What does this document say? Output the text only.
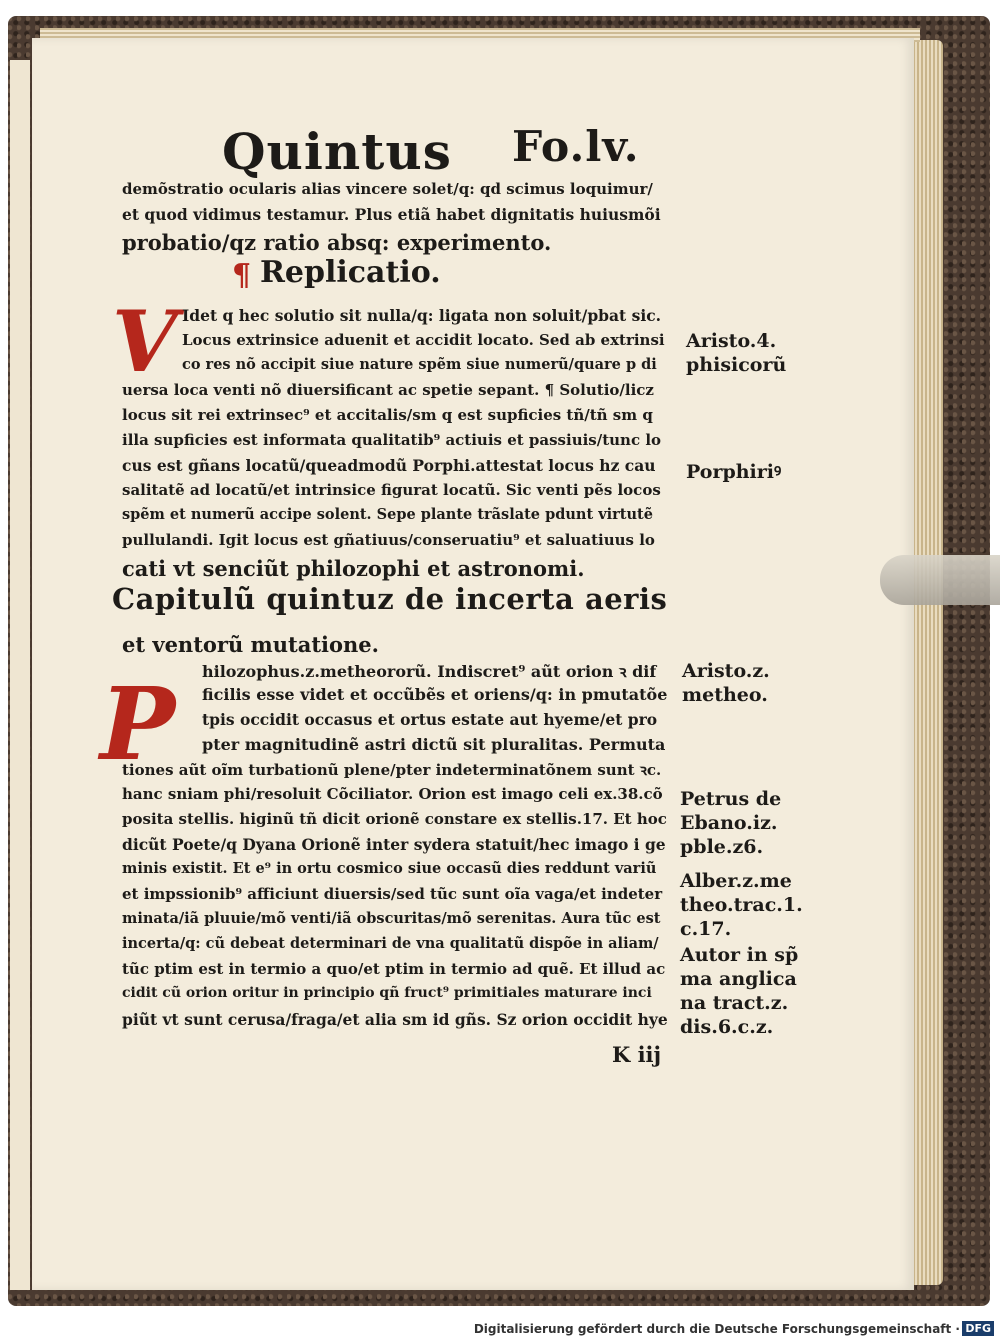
Quintus Fo.lv.
demõstratio ocularis alias vincere solet/q: qd scimus loquimur/
et quod vidimus testamur. Plus etiã habet dignitatis huiusmõi
probatio/qz ratio absq: experimento.
¶ Replicatio.
V Idet q hec solutio sit nulla/q: ligata non soluit/pbat sic.
Locus extrinsice aduenit et accidit locato. Sed ab extrinsi
co res nõ accipit siue nature spẽm siue numerũ/quare p di
uersa loca venti nõ diuersificant ac spetie sepant. ¶ Solutio/licz
locus sit rei extrinsec⁹ et accitalis/sm q est supficies tñ/tñ sm q
illa supficies est informata qualitatib⁹ actiuis et passiuis/tunc lo
cus est gñans locatũ/queadmodũ Porphi.attestat locus hz cau
salitatẽ ad locatũ/et intrinsice figurat locatũ. Sic venti pẽs locos
spẽm et numerũ accipe solent. Sepe plante trãslate pdunt virtutẽ
pullulandi. Igit locus est gñatiuus/conseruatiu⁹ et saluatiuus lo
cati vt senciũt philozophi et astronomi.
Capitulũ quintuz de incerta aeris
et ventorũ mutatione.
P hilozophus.z.metheororũ. Indiscret⁹ aũt orion ꝛ dif
ficilis esse videt et occũbẽs et oriens/q: in pmutatõe
tpis occidit occasus et ortus estate aut hyeme/et pro
pter magnitudinẽ astri dictũ sit pluralitas. Permuta
tiones aũt oĩm turbationũ plene/pter indeterminatõnem sunt ꝛc.
hanc sniam phi/resoluit Cõciliator. Orion est imago celi ex.38.cõ
posita stellis. higinũ tñ dicit orionẽ constare ex stellis.17. Et hoc
dicũt Poete/q Dyana Orionẽ inter sydera statuit/hec imago i ge
minis existit. Et e⁹ in ortu cosmico siue occasũ dies reddunt variũ
et impssionib⁹ afficiunt diuersis/sed tũc sunt oĩa vaga/et indeter
minata/iã pluuie/mõ venti/iã obscuritas/mõ serenitas. Aura tũc est
incerta/q: cũ debeat determinari de vna qualitatũ dispõe in aliam/
tũc ptim est in termio a quo/et ptim in termio ad quẽ. Et illud ac
cidit cũ orion oritur in principio qñ fruct⁹ primitiales maturare inci
piũt vt sunt cerusa/fraga/et alia sm id gñs. Sz orion occidit hye
K iij
Aristo.4.
phisicorũ
Porphiriꝰ
Aristo.z.
metheo.
Petrus de
Ebano.iz.
pble.z6.
Alber.z.me
theo.trac.1.
c.17.
Autor in sp̃
ma anglica
na tract.z.
dis.6.c.z.
Digitalisierung gefördert durch die Deutsche Forschungsgemeinschaft · DFG
